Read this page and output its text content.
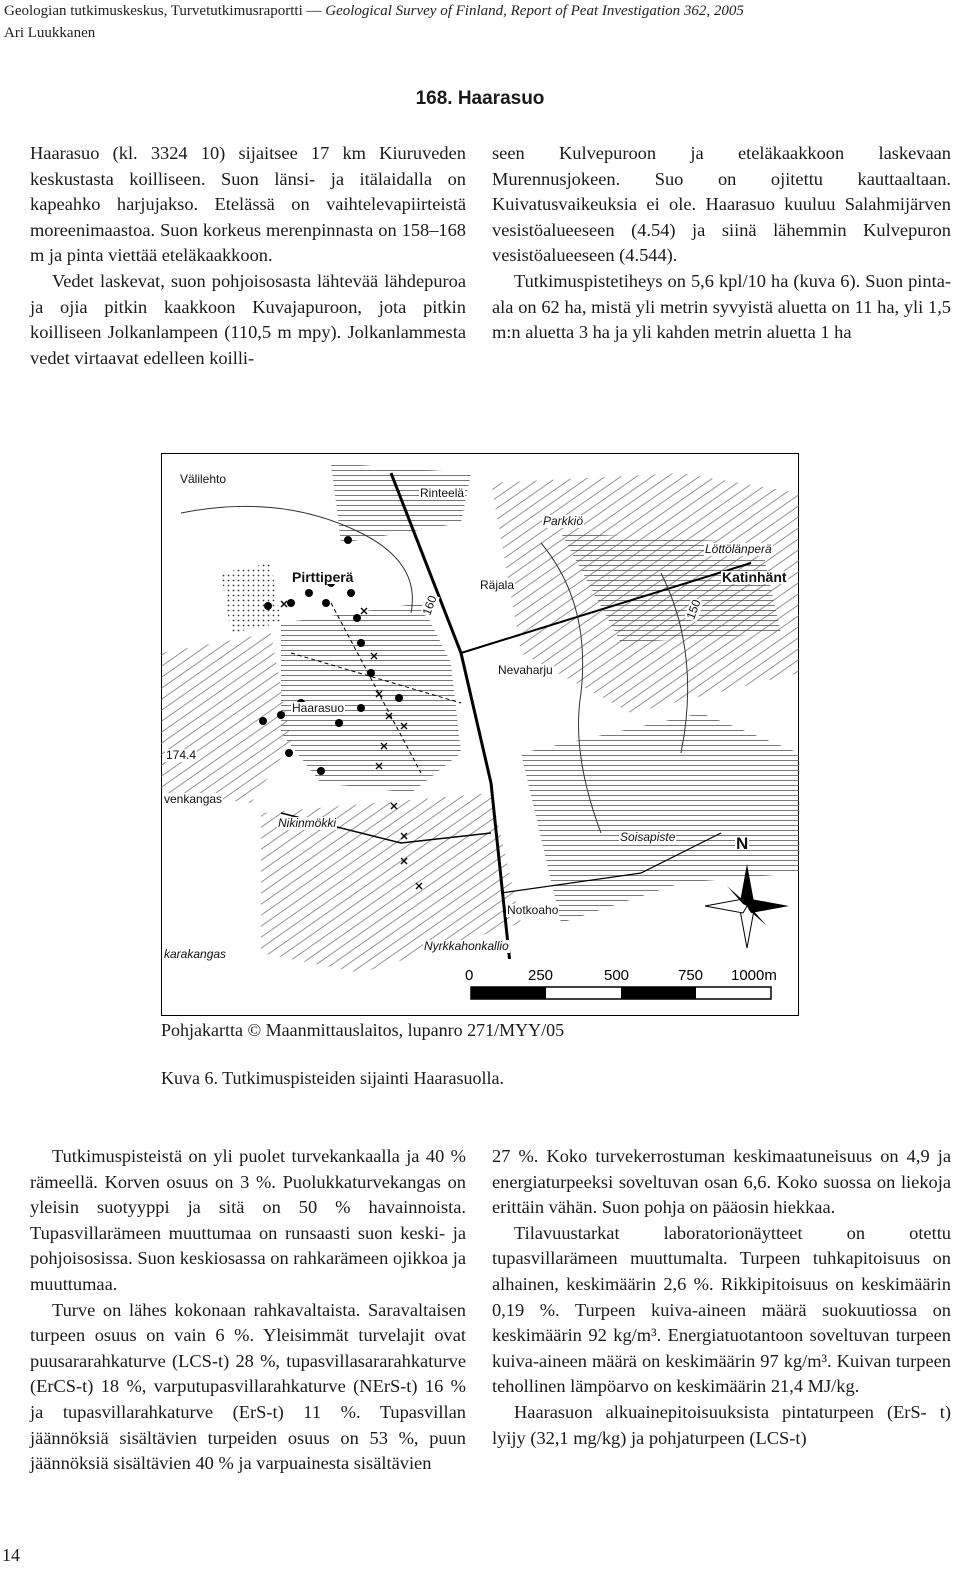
Geologian tutkimuskeskus, Turvetutkimusraportti — Geological Survey of Finland, Report of Peat Investigation 362, 2005
Ari Luukkanen
168. Haarasuo

Haarasuo (kl. 3324 10) sijaitsee 17 km Kiuruveden keskustasta koilliseen. Suon länsi- ja itälaidalla on kapeahko harjujakso. Etelässä on vaihtelevapiirteistä moreenimaastoa. Suon korkeus merenpinnasta on 158–168 m ja pinta viettää eteläkaakkoon.

Vedet laskevat, suon pohjoisosasta lähtevää lähdepuroa ja ojia pitkin kaakkoon Kuvajapuroon, jota pitkin koilliseen Jolkanlampeen (110,5 m mpy). Jolkanlammesta vedet virtaavat edelleen koilli-

seen Kulvepuroon ja eteläkaakkoon laskevaan Murennusjokeen. Suo on ojitettu kauttaaltaan. Kuivatusvaikeuksia ei ole. Haarasuo kuuluu Salahmijärven vesistöalueeseen (4.54) ja siinä lähemmin Kulvepuron vesistöalueeseen (4.544).

Tutkimuspistetiheys on 5,6 kpl/10 ha (kuva 6). Suon pinta-ala on 62 ha, mistä yli metrin syvyistä aluetta on 11 ha, yli 1,5 m:n aluetta 3 ha ja yli kahden metrin aluetta 1 ha

Välilehto
Rinteelä
Parkkiö
Löttölänperä
Pirttiperä	Räjala	Katinhänt
Nevaharju
Haarasuo
174.4
venkangas
Nikinmökki
Soisapiste
Notkoaho
Nyrkkahonkallio
karakangas
150
160
N
0	250	500	750 1000m
Pohjakartta © Maanmittauslaitos, lupanro 271/MYY/05
Kuva 6. Tutkimuspisteiden sijainti Haarasuolla.

Tutkimuspisteistä on yli puolet turvekankaalla ja 40 % rämeellä. Korven osuus on 3 %. Puolukkaturvekangas on yleisin suotyyppi ja sitä on 50 % havainnoista. Tupasvillarämeen muuttumaa on runsaasti suon keski- ja pohjoisosissa. Suon keskiosassa on rahkarämeen ojikkoa ja muuttumaa.

Turve on lähes kokonaan rahkavaltaista. Saravaltaisen turpeen osuus on vain 6 %. Yleisimmät turvelajit ovat puusararahkaturve (LCS-t) 28 %, tupasvillasararahkaturve (ErCS-t) 18 %, varputupasvillarahkaturve (NErS-t) 16 % ja tupasvillarahkaturve (ErS-t) 11 %. Tupasvillan jäännöksiä sisältävien turpeiden osuus on 53 %, puun jäännöksiä sisältävien 40 % ja varpuainesta sisältävien

27 %. Koko turvekerrostuman keskimaatuneisuus on 4,9 ja energiaturpeeksi soveltuvan osan 6,6. Koko suossa on liekoja erittäin vähän. Suon pohja on pääosin hiekkaa.

Tilavuustarkat laboratorionäytteet on otettu tupasvillarämeen muuttumalta. Turpeen tuhkapitoisuus on alhainen, keskimäärin 2,6 %. Rikkipitoisuus on keskimäärin 0,19 %. Turpeen kuiva-aineen määrä suokuutiossa on keskimäärin 92 kg/m³. Energiatuotantoon soveltuvan turpeen kuiva-aineen määrä on keskimäärin 97 kg/m³. Kuivan turpeen tehollinen lämpöarvo on keskimäärin 21,4 MJ/kg.

Haarasuon alkuainepitoisuuksista pintaturpeen (ErS- t) lyijy (32,1 mg/kg) ja pohjaturpeen (LCS-t)

14
